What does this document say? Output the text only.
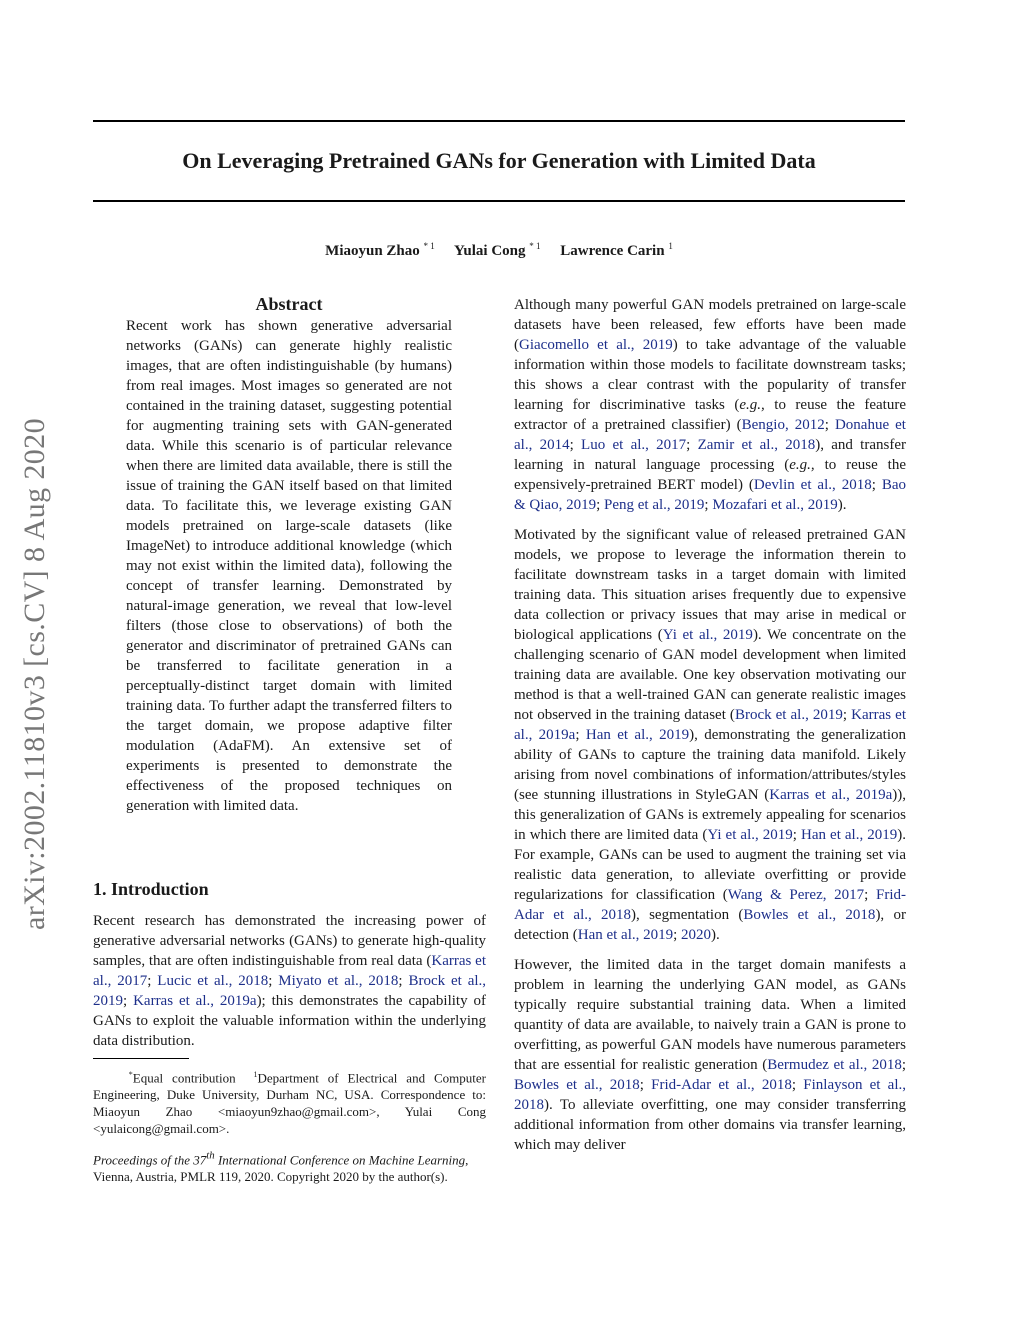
arXiv:2002.11810v3 [cs.CV] 8 Aug 2020
On Leveraging Pretrained GANs for Generation with Limited Data
Miaoyun Zhao $^{* 1}$ Yulai Cong $^{* 1}$ Lawrence Carin $^1$
Abstract

Recent work has shown generative adversarial networks (GANs) can generate highly realistic images, that are often indistinguishable (by humans) from real images. Most images so generated are not contained in the training dataset, suggesting potential for augmenting training sets with GAN-generated data. While this scenario is of particular relevance when there are limited data available, there is still the issue of training the GAN itself based on that limited data. To facilitate this, we leverage existing GAN models pretrained on large-scale datasets (like ImageNet) to introduce additional knowledge (which may not exist within the limited data), following the concept of transfer learning. Demonstrated by natural-image generation, we reveal that low-level filters (those close to observations) of both the generator and discriminator of pretrained GANs can be transferred to facilitate generation in a perceptually-distinct target domain with limited training data. To further adapt the transferred filters to the target domain, we propose adaptive filter modulation (AdaFM). An extensive set of experiments is presented to demonstrate the effectiveness of the proposed techniques on generation with limited data.

1. Introduction

Recent research has demonstrated the increasing power of generative adversarial networks (GANs) to generate high-quality samples, that are often indistinguishable from real data (Karras et al., 2017; Lucic et al., 2018; Miyato et al., 2018; Brock et al., 2019; Karras et al., 2019a); this demonstrates the capability of GANs to exploit the valuable information within the underlying data distribution.

*Equal contribution $^1$Department of Electrical and Computer Engineering, Duke University, Durham NC, USA. Correspondence to: Miaoyun Zhao <miaoyun9zhao@gmail.com>, Yulai Cong <yulaicong@gmail.com>.
Proceedings of the 37th International Conference on Machine Learning, Vienna, Austria, PMLR 119, 2020. Copyright 2020 by the author(s).

Although many powerful GAN models pretrained on large-scale datasets have been released, few efforts have been made (Giacomello et al., 2019) to take advantage of the valuable information within those models to facilitate downstream tasks; this shows a clear contrast with the popularity of transfer learning for discriminative tasks (e.g., to reuse the feature extractor of a pretrained classifier) (Bengio, 2012; Donahue et al., 2014; Luo et al., 2017; Zamir et al., 2018), and transfer learning in natural language processing (e.g., to reuse the expensively-pretrained BERT model) (Devlin et al., 2018; Bao & Qiao, 2019; Peng et al., 2019; Mozafari et al., 2019).

Motivated by the significant value of released pretrained GAN models, we propose to leverage the information therein to facilitate downstream tasks in a target domain with limited training data. This situation arises frequently due to expensive data collection or privacy issues that may arise in medical or biological applications (Yi et al., 2019). We concentrate on the challenging scenario of GAN model development when limited training data are available. One key observation motivating our method is that a well-trained GAN can generate realistic images not observed in the training dataset (Brock et al., 2019; Karras et al., 2019a; Han et al., 2019), demonstrating the generalization ability of GANs to capture the training data manifold. Likely arising from novel combinations of information/attributes/styles (see stunning illustrations in StyleGAN (Karras et al., 2019a)), this generalization of GANs is extremely appealing for scenarios in which there are limited data (Yi et al., 2019; Han et al., 2019). For example, GANs can be used to augment the training set via realistic data generation, to alleviate overfitting or provide regularizations for classification (Wang & Perez, 2017; Frid-Adar et al., 2018), segmentation (Bowles et al., 2018), or detection (Han et al., 2019; 2020).

However, the limited data in the target domain manifests a problem in learning the underlying GAN model, as GANs typically require substantial training data. When a limited quantity of data are available, to naively train a GAN is prone to overfitting, as powerful GAN models have numerous parameters that are essential for realistic generation (Bermudez et al., 2018; Bowles et al., 2018; Frid-Adar et al., 2018; Finlayson et al., 2018). To alleviate overfitting, one may consider transferring additional information from other domains via transfer learning, which may deliver
